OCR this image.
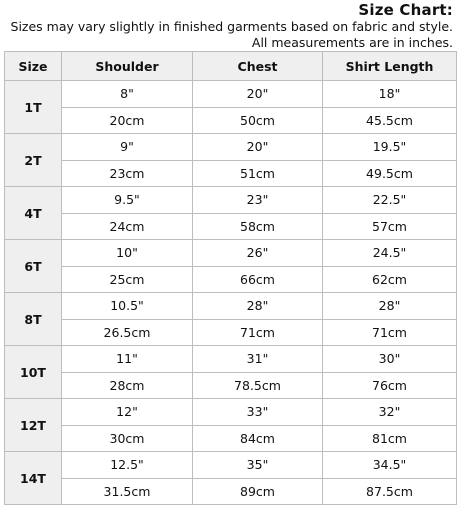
Size Chart:
Sizes may vary slightly in finished garments based on fabric and style.
All measurements are in inches.
Size	Shoulder	Chest	Shirt Length
1T	8"	20"	18"
	20cm	50cm	45.5cm
2T	9"	20"	19.5"
	23cm	51cm	49.5cm
4T	9.5"	23"	22.5"
	24cm	58cm	57cm
6T	10"	26"	24.5"
	25cm	66cm	62cm
8T	10.5"	28"	28"
	26.5cm	71cm	71cm
10T	11"	31"	30"
	28cm	78.5cm	76cm
12T	12"	33"	32"
	30cm	84cm	81cm
14T	12.5"	35"	34.5"
	31.5cm	89cm	87.5cm
